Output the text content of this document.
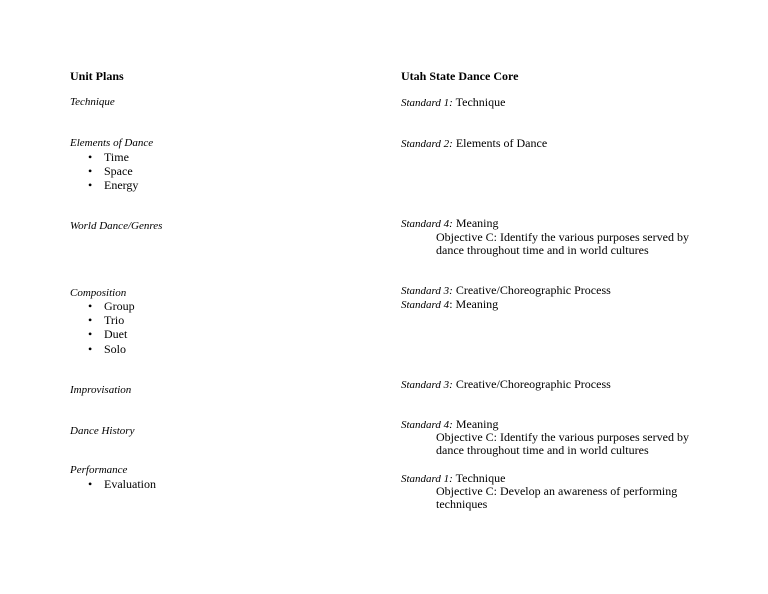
Unit Plans	Utah State Dance Core
Technique
Elements of Dance
• Time
• Space
• Energy
World Dance/Genres
Composition
• Group
• Trio
• Duet
• Solo
Improvisation
Dance History
Performance
• Evaluation
Standard 1: Technique
Standard 2: Elements of Dance
Standard 4: Meaning
Objective C: Identify the various purposes served by dance throughout time and in world cultures
Standard 3: Creative/Choreographic Process
Standard 4: Meaning
Standard 3: Creative/Choreographic Process
Standard 4: Meaning
Objective C: Identify the various purposes served by dance throughout time and in world cultures
Standard 1: Technique
Objective C: Develop an awareness of performing techniques
